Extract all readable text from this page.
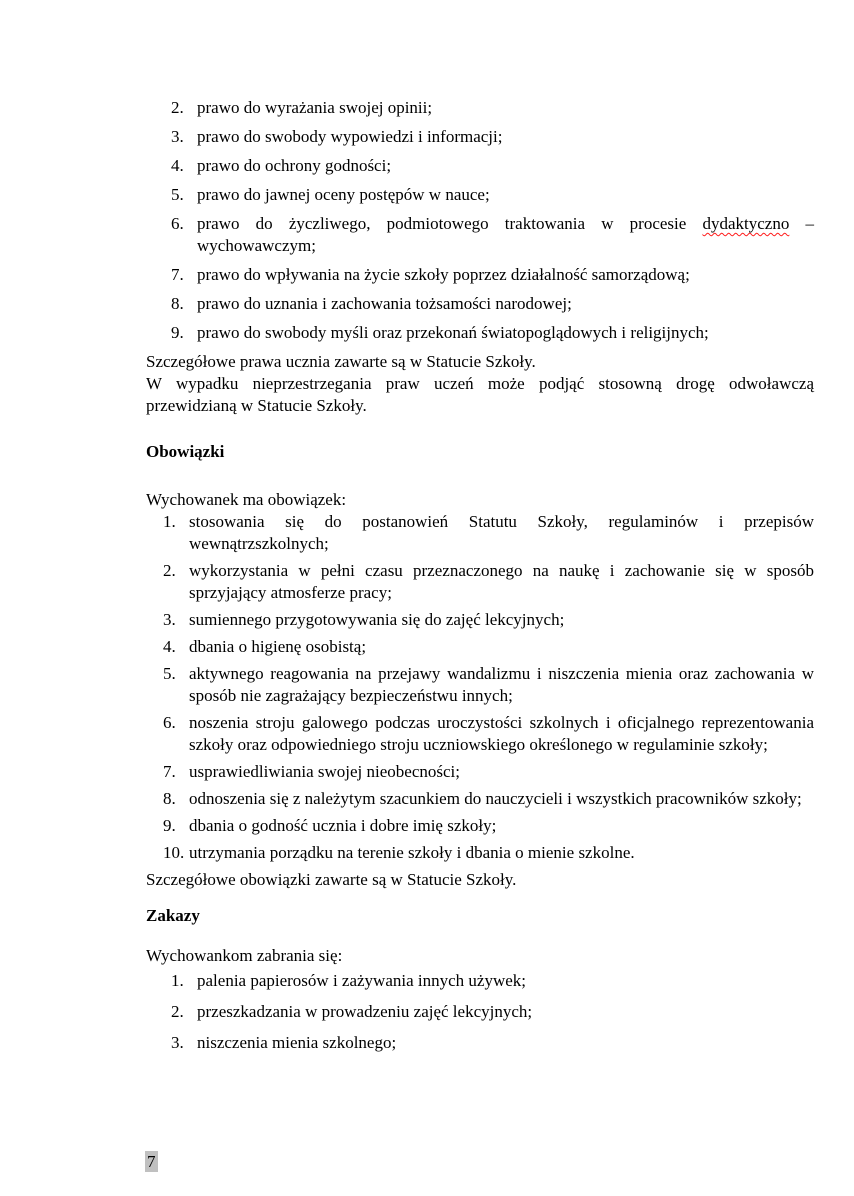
2. prawo do wyrażania swojej opinii;
3. prawo do swobody wypowiedzi i informacji;
4. prawo do ochrony godności;
5. prawo do jawnej oceny postępów w nauce;
6. prawo do życzliwego, podmiotowego traktowania w procesie dydaktyczno – wychowawczym;
7. prawo do wpływania na życie szkoły poprzez działalność samorządową;
8. prawo do uznania i zachowania tożsamości narodowej;
9. prawo do swobody myśli oraz przekonań światopoglądowych i religijnych;

Szczegółowe prawa ucznia zawarte są w Statucie Szkoły.

W wypadku nieprzestrzegania praw uczeń może podjąć stosowną drogę odwoławczą przewidzianą w Statucie Szkoły.

Obowiązki

Wychowanek ma obowiązek:

1. stosowania się do postanowień Statutu Szkoły, regulaminów i przepisów wewnątrzszkolnych;
2. wykorzystania w pełni czasu przeznaczonego na naukę i zachowanie się w sposób sprzyjający atmosferze pracy;
3. sumiennego przygotowywania się do zajęć lekcyjnych;
4. dbania o higienę osobistą;
5. aktywnego reagowania na przejawy wandalizmu i niszczenia mienia oraz zachowania w sposób nie zagrażający bezpieczeństwu innych;
6. noszenia stroju galowego podczas uroczystości szkolnych i oficjalnego reprezentowania szkoły oraz odpowiedniego stroju uczniowskiego określonego w regulaminie szkoły;
7. usprawiedliwiania swojej nieobecności;
8. odnoszenia się z należytym szacunkiem do nauczycieli i wszystkich pracowników szkoły;
9. dbania o godność ucznia i dobre imię szkoły;
10. utrzymania porządku na terenie szkoły i dbania o mienie szkolne.

Szczegółowe obowiązki zawarte są w Statucie Szkoły.

Zakazy

Wychowankom zabrania się:

1. palenia papierosów i zażywania innych używek;
2. przeszkadzania w prowadzeniu zajęć lekcyjnych;
3. niszczenia mienia szkolnego;
7
